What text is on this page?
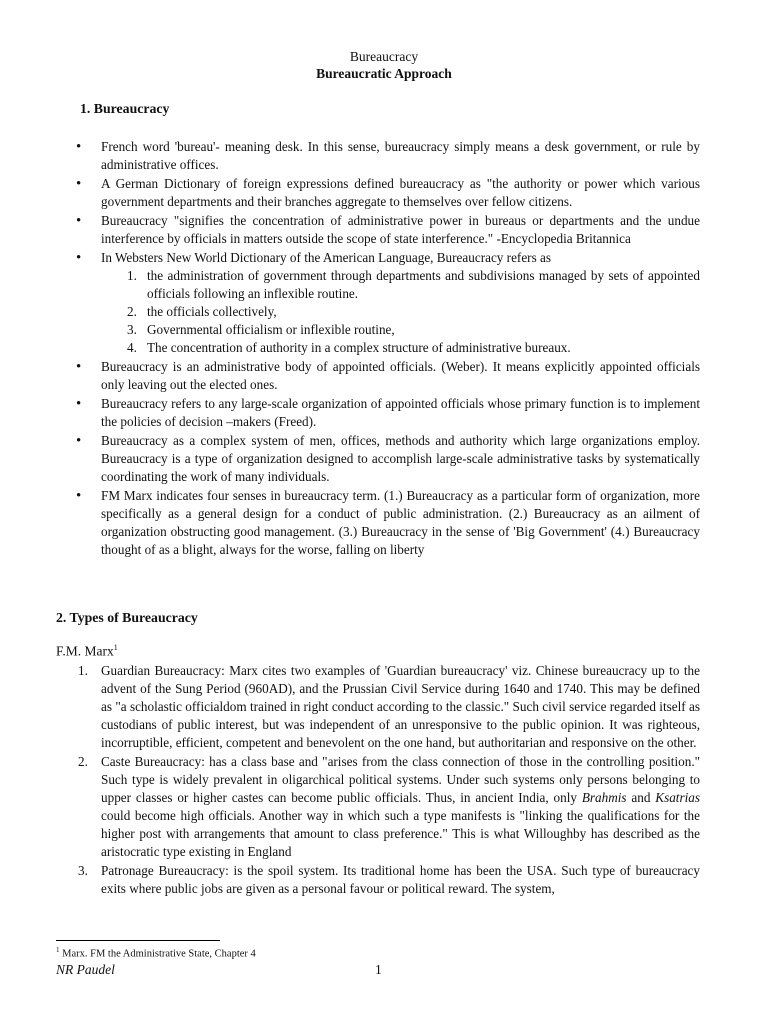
Bureaucracy
Bureaucratic Approach
1. Bureaucracy
• French word 'bureau'- meaning desk. In this sense, bureaucracy simply means a desk government, or rule by administrative offices.
• A German Dictionary of foreign expressions defined bureaucracy as "the authority or power which various government departments and their branches aggregate to themselves over fellow citizens.
• Bureaucracy "signifies the concentration of administrative power in bureaus or departments and the undue interference by officials in matters outside the scope of state interference." -Encyclopedia Britannica
• In Websters New World Dictionary of the American Language, Bureaucracy refers as
1. the administration of government through departments and subdivisions managed by sets of appointed officials following an inflexible routine.
2. the officials collectively,
3. Governmental officialism or inflexible routine,
4. The concentration of authority in a complex structure of administrative bureaux.
• Bureaucracy is an administrative body of appointed officials. (Weber). It means explicitly appointed officials only leaving out the elected ones.
• Bureaucracy refers to any large-scale organization of appointed officials whose primary function is to implement the policies of decision –makers (Freed).
• Bureaucracy as a complex system of men, offices, methods and authority which large organizations employ. Bureaucracy is a type of organization designed to accomplish large-scale administrative tasks by systematically coordinating the work of many individuals.
• FM Marx indicates four senses in bureaucracy term. (1.) Bureaucracy as a particular form of organization, more specifically as a general design for a conduct of public administration. (2.) Bureaucracy as an ailment of organization obstructing good management. (3.) Bureaucracy in the sense of 'Big Government' (4.) Bureaucracy thought of as a blight, always for the worse, falling on liberty
2. Types of Bureaucracy
F.M. Marx$^1$
1. Guardian Bureaucracy: Marx cites two examples of 'Guardian bureaucracy' viz. Chinese bureaucracy up to the advent of the Sung Period (960AD), and the Prussian Civil Service during 1640 and 1740. This may be defined as "a scholastic officialdom trained in right conduct according to the classic." Such civil service regarded itself as custodians of public interest, but was independent of an unresponsive to the public opinion. It was righteous, incorruptible, efficient, competent and benevolent on the one hand, but authoritarian and responsive on the other.
2. Caste Bureaucracy: has a class base and "arises from the class connection of those in the controlling position." Such type is widely prevalent in oligarchical political systems. Under such systems only persons belonging to upper classes or higher castes can become public officials. Thus, in ancient India, only Brahmis and Ksatrias could become high officials. Another way in which such a type manifests is "linking the qualifications for the higher post with arrangements that amount to class preference." This is what Willoughby has described as the aristocratic type existing in England
3. Patronage Bureaucracy: is the spoil system. Its traditional home has been the USA. Such type of bureaucracy exits where public jobs are given as a personal favour or political reward. The system,
$^1$ Marx. FM the Administrative State, Chapter 4
NR Paudel	1
